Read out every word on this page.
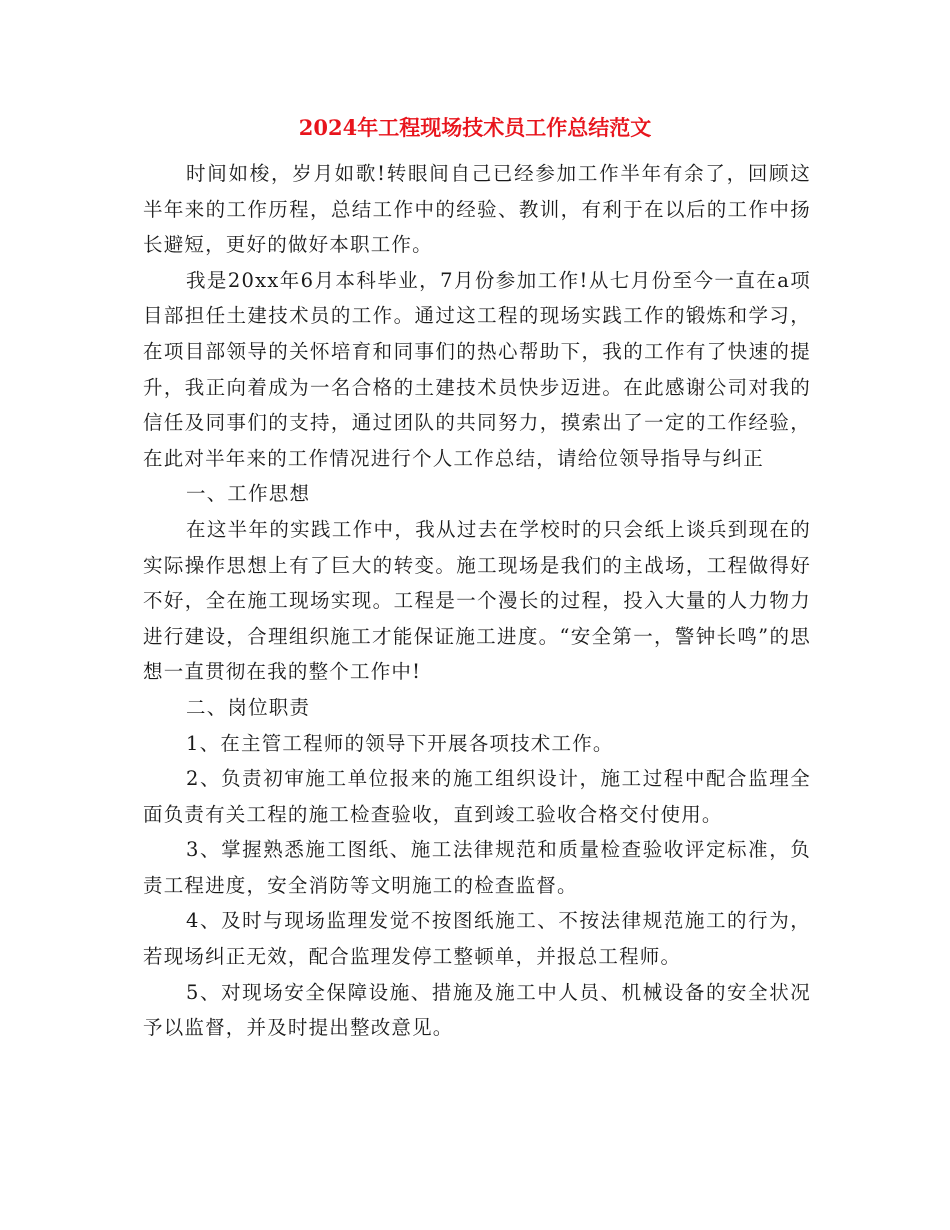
2024年工程现场技术员工作总结范文

时间如梭，岁月如歌!转眼间自己已经参加工作半年有余了，回顾这半年来的工作历程，总结工作中的经验、教训，有利于在以后的工作中扬长避短，更好的做好本职工作。

我是20xx年6月本科毕业，7月份参加工作!从七月份至今一直在a项目部担任土建技术员的工作。通过这工程的现场实践工作的锻炼和学习，在项目部领导的关怀培育和同事们的热心帮助下，我的工作有了快速的提升，我正向着成为一名合格的土建技术员快步迈进。在此感谢公司对我的信任及同事们的支持，通过团队的共同努力，摸索出了一定的工作经验，在此对半年来的工作情况进行个人工作总结，请给位领导指导与纠正

一、工作思想

在这半年的实践工作中，我从过去在学校时的只会纸上谈兵到现在的实际操作思想上有了巨大的转变。施工现场是我们的主战场，工程做得好不好，全在施工现场实现。工程是一个漫长的过程，投入大量的人力物力进行建设，合理组织施工才能保证施工进度。“安全第一，警钟长鸣”的思想一直贯彻在我的整个工作中!

二、岗位职责

1、在主管工程师的领导下开展各项技术工作。

2、负责初审施工单位报来的施工组织设计，施工过程中配合监理全面负责有关工程的施工检查验收，直到竣工验收合格交付使用。

3、掌握熟悉施工图纸、施工法律规范和质量检查验收评定标准，负责工程进度，安全消防等文明施工的检查监督。

4、及时与现场监理发觉不按图纸施工、不按法律规范施工的行为，若现场纠正无效，配合监理发停工整顿单，并报总工程师。

5、对现场安全保障设施、措施及施工中人员、机械设备的安全状况予以监督，并及时提出整改意见。
